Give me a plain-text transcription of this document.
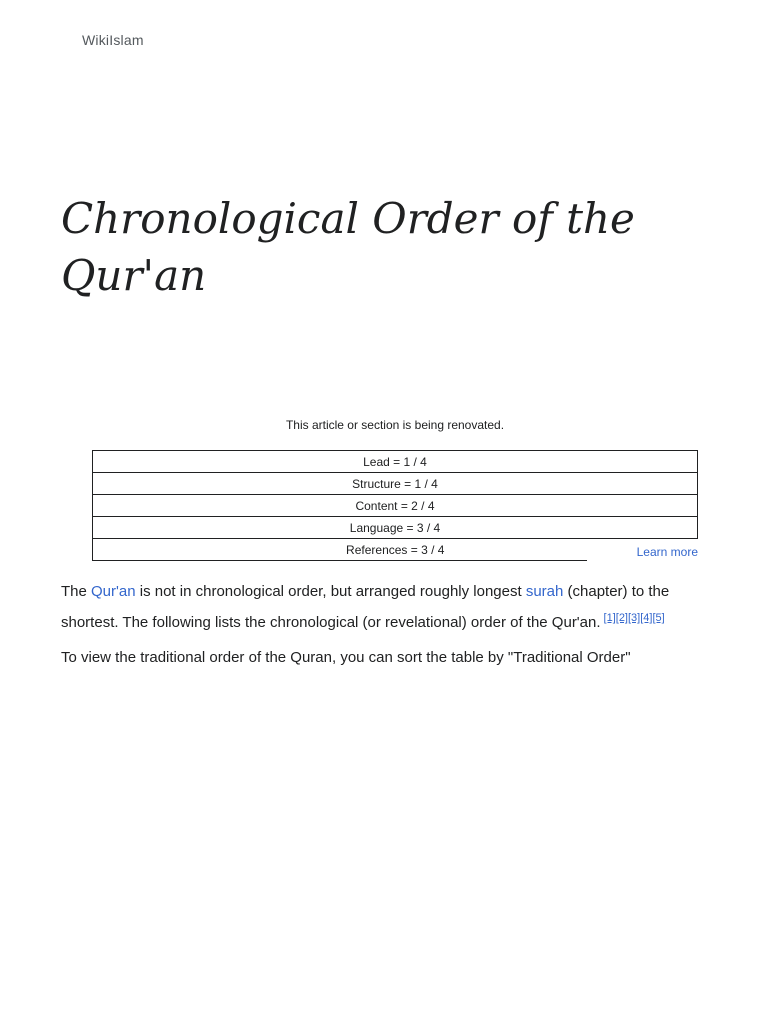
WikiIslam
Chronological Order of the Qur'an
This article or section is being renovated.
Lead = 1 / 4
Structure = 1 / 4
Content = 2 / 4
Language = 3 / 4
References = 3 / 4	Learn more

The Qur'an is not in chronological order, but arranged roughly longest surah (chapter) to the shortest. The following lists the chronological (or revelational) order of the Qur'an. [1][2][3][4][5]

To view the traditional order of the Quran, you can sort the table by "Traditional Order"
